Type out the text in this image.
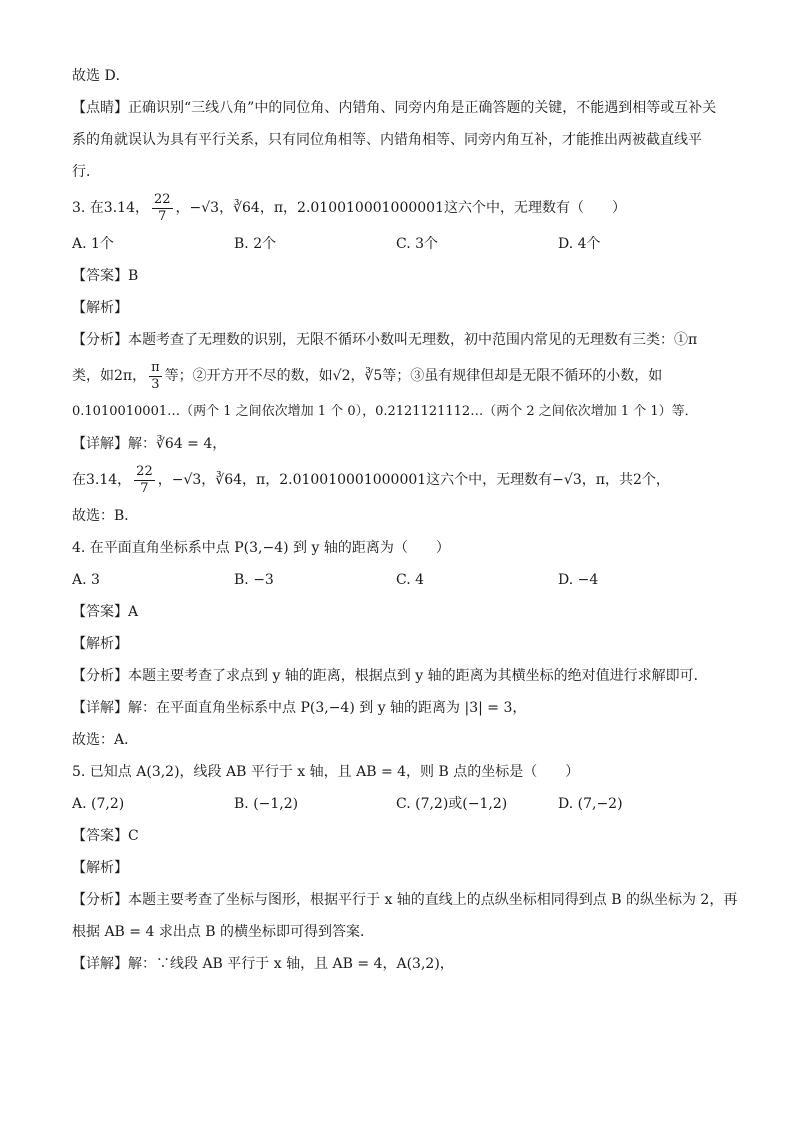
故选 D．
【点睛】正确识别“三线八角”中的同位角、内错角、同旁内角是正确答题的关键，不能遇到相等或互补关
系的角就误认为具有平行关系，只有同位角相等、内错角相等、同旁内角互补，才能推出两被截直线平
行．
3. 在3.14， $\frac{22}{7}$ ，−√3，∛64，π，2.010010001000001这六个中，无理数有（　　）
A. 1个	B. 2个	C. 3个	D. 4个
【答案】B
【解析】
【分析】本题考查了无理数的识别，无限不循环小数叫无理数，初中范围内常见的无理数有三类：①π
类，如2π， $\frac{\pi}{3}$ 等；②开方开不尽的数，如√2，∛5等；③虽有规律但却是无限不循环的小数，如
0.1010010001…（两个 1 之间依次增加 1 个 0），0.2121121112…（两个 2 之间依次增加 1 个 1）等．
【详解】解：∛64 = 4，
在3.14， $\frac{22}{7}$ ，−√3，∛64，π，2.010010001000001这六个中，无理数有−√3，π，共2个，
故选：B．
4. 在平面直角坐标系中点 P(3,−4) 到 y 轴的距离为（　　）
A. 3	B. −3	C. 4	D. −4
【答案】A
【解析】
【分析】本题主要考查了求点到 y 轴的距离，根据点到 y 轴的距离为其横坐标的绝对值进行求解即可．
【详解】解：在平面直角坐标系中点 P(3,−4) 到 y 轴的距离为 |3| = 3，
故选：A．
5. 已知点 A(3,2)，线段 AB 平行于 x 轴，且 AB = 4，则 B 点的坐标是（　　）
A. (7,2)	B. (−1,2)	C. (7,2)或(−1,2)	D. (7,−2)
【答案】C
【解析】
【分析】本题主要考查了坐标与图形，根据平行于 x 轴的直线上的点纵坐标相同得到点 B 的纵坐标为 2，再
根据 AB = 4 求出点 B 的横坐标即可得到答案．
【详解】解：∵线段 AB 平行于 x 轴，且 AB = 4，A(3,2)，
